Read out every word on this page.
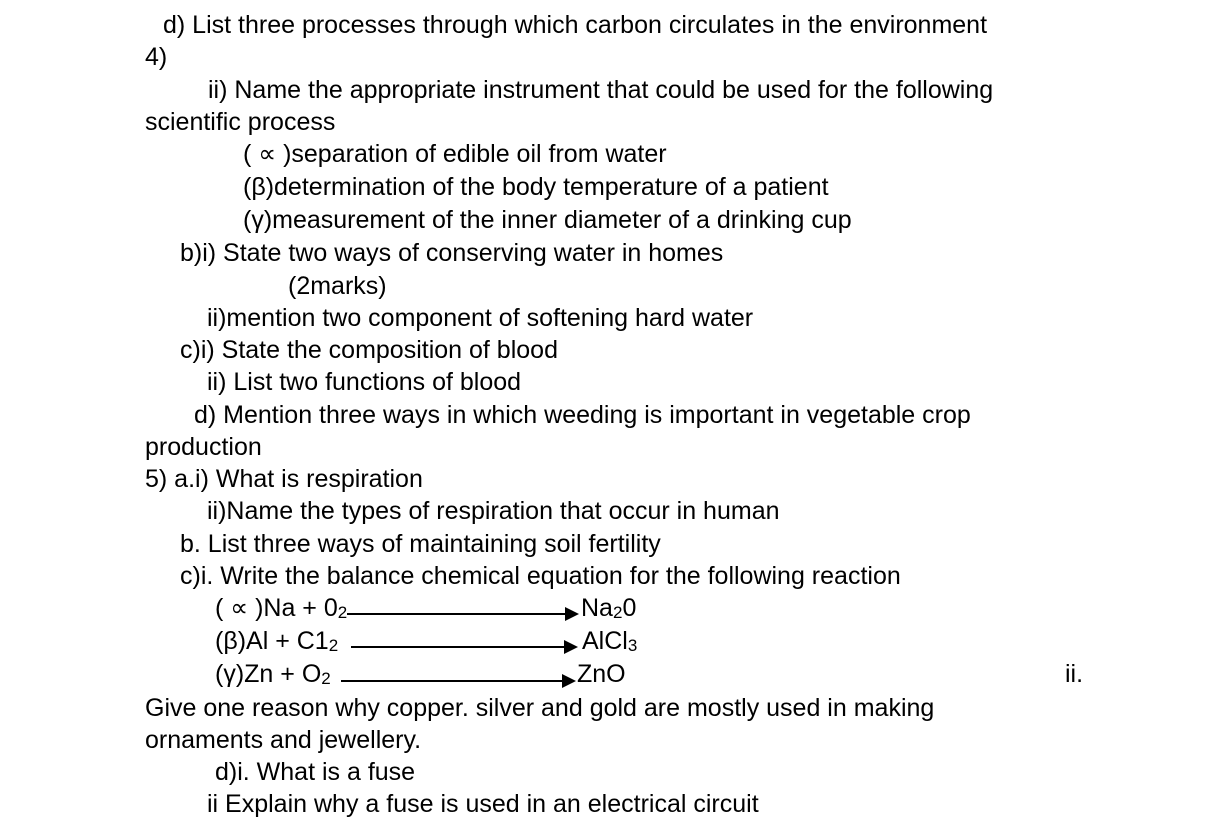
d) List three processes through which carbon circulates in the environment
4)
ii) Name the appropriate instrument that could be used for the following
scientific process
( ∝ )separation of edible oil from water
(β)determination of the body temperature of a patient
(γ)measurement of the inner diameter of a drinking cup
b)i) State two ways of conserving water in homes
(2marks)
ii)mention two component of softening hard water
c)i) State the composition of blood
ii) List two functions of blood
d) Mention three ways in which weeding is important in vegetable crop
production
5) a.i) What is respiration
ii)Name the types of respiration that occur in human
b. List three ways of maintaining soil fertility
c)i. Write the balance chemical equation for the following reaction
( ∝ )$Na + 0_2$	$Na_20$
$(\beta)Al + C1_2$	AlCl$_3$
$(\gamma)Zn + O_2$	ZnO	ii.
Give one reason why copper. silver and gold are mostly used in making
ornaments and jewellery.
d)i. What is a fuse
ii Explain why a fuse is used in an electrical circuit
